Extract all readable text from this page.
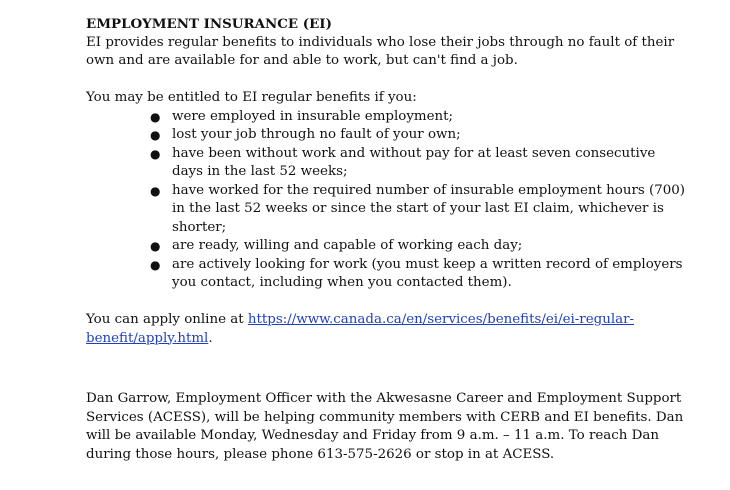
EMPLOYMENT INSURANCE (EI)

EI provides regular benefits to individuals who lose their jobs through no fault of their own and are available for and able to work, but can't find a job.

You may be entitled to EI regular benefits if you:

● were employed in insurable employment;
● lost your job through no fault of your own;
● have been without work and without pay for at least seven consecutive days in the last 52 weeks;
● have worked for the required number of insurable employment hours (700) in the last 52 weeks or since the start of your last EI claim, whichever is shorter;
● are ready, willing and capable of working each day;
● are actively looking for work (you must keep a written record of employers you contact, including when you contacted them).

You can apply online at https://www.canada.ca/en/services/benefits/ei/ei-regular-benefit/apply.html.

Dan Garrow, Employment Officer with the Akwesasne Career and Employment Support Services (ACESS), will be helping community members with CERB and EI benefits. Dan will be available Monday, Wednesday and Friday from 9 a.m. – 11 a.m. To reach Dan during those hours, please phone 613-575-2626 or stop in at ACESS.
